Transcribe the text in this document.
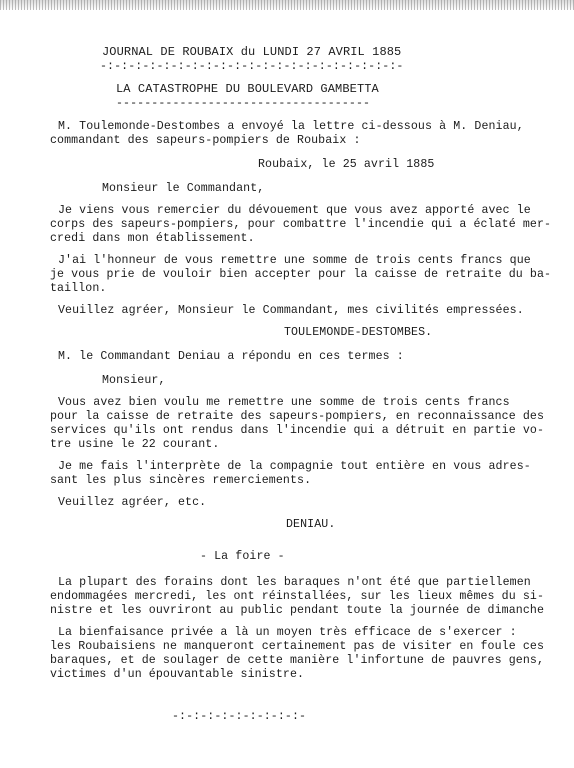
JOURNAL DE ROUBAIX du LUNDI 27 AVRIL 1885
-:-:-:-:-:-:-:-:-:-:-:-:-:-:-:-:-:-:-:-:-:-
LA CATASTROPHE DU BOULEVARD GAMBETTA
------------------------------------
M. Toulemonde-Destombes a envoyé la lettre ci-dessous à M. Deniau,
commandant des sapeurs-pompiers de Roubaix :
Roubaix, le 25 avril 1885
Monsieur le Commandant,
Je viens vous remercier du dévouement que vous avez apporté avec le
corps des sapeurs-pompiers, pour combattre l'incendie qui a éclaté mer-
credi dans mon établissement.
J'ai l'honneur de vous remettre une somme de trois cents francs que
je vous prie de vouloir bien accepter pour la caisse de retraite du ba-
taillon.
Veuillez agréer, Monsieur le Commandant, mes civilités empressées.
TOULEMONDE-DESTOMBES.
M. le Commandant Deniau a répondu en ces termes :
Monsieur,
Vous avez bien voulu me remettre une somme de trois cents francs
pour la caisse de retraite des sapeurs-pompiers, en reconnaissance des
services qu'ils ont rendus dans l'incendie qui a détruit en partie vo-
tre usine le 22 courant.
Je me fais l'interprète de la compagnie tout entière en vous adres-
sant les plus sincères remerciements.
Veuillez agréer, etc.
DENIAU.
- La foire -
La plupart des forains dont les baraques n'ont été que partiellemen
endommagées mercredi, les ont réinstallées, sur les lieux mêmes du si-
nistre et les ouvriront au public pendant toute la journée de dimanche
La bienfaisance privée a là un moyen très efficace de s'exercer :
les Roubaisiens ne manqueront certainement pas de visiter en foule ces
baraques, et de soulager de cette manière l'infortune de pauvres gens,
victimes d'un épouvantable sinistre.
-:-:-:-:-:-:-:-:-:-
